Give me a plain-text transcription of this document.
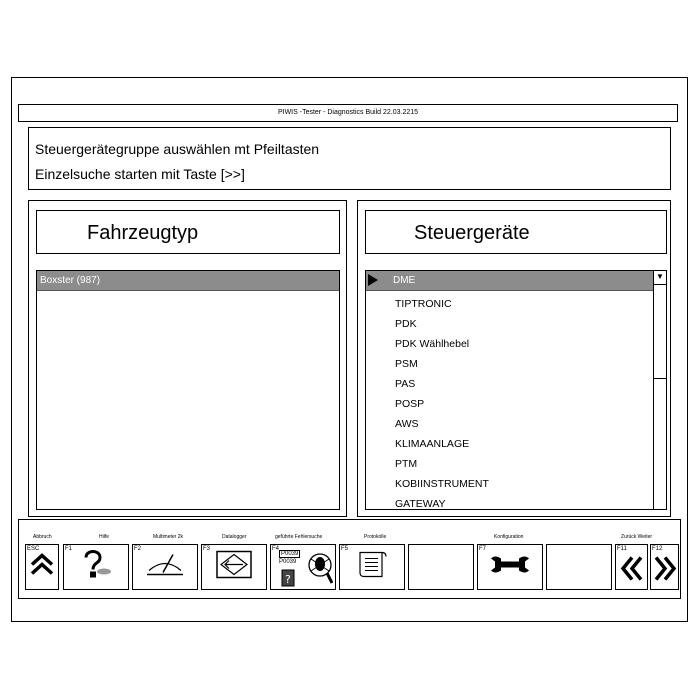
PIWIS -Tester - Diagnostics Build 22.03.2215
Steuergerätegruppe auswählen mt Pfeiltasten
Einzelsuche starten mit Taste [>>]
Fahrzeugtyp
Boxster (987)
Steuergeräte
DME
TIPTRONIC
PDK
PDK Wählhebel
PSM
PAS
POSP
AWS
KLIMAANLAGE
PTM
KOBIINSTRUMENT
GATEWAY
▼
Abbruch	Hilfe	Multimeter 2k	Datalogger	geführte Fehlersuche	Protokolle	Konfiguration	Zurück Weiter
ESC	F1	F2	F3	F4
P0039
P0039
?
F5	F7	F11	F12
